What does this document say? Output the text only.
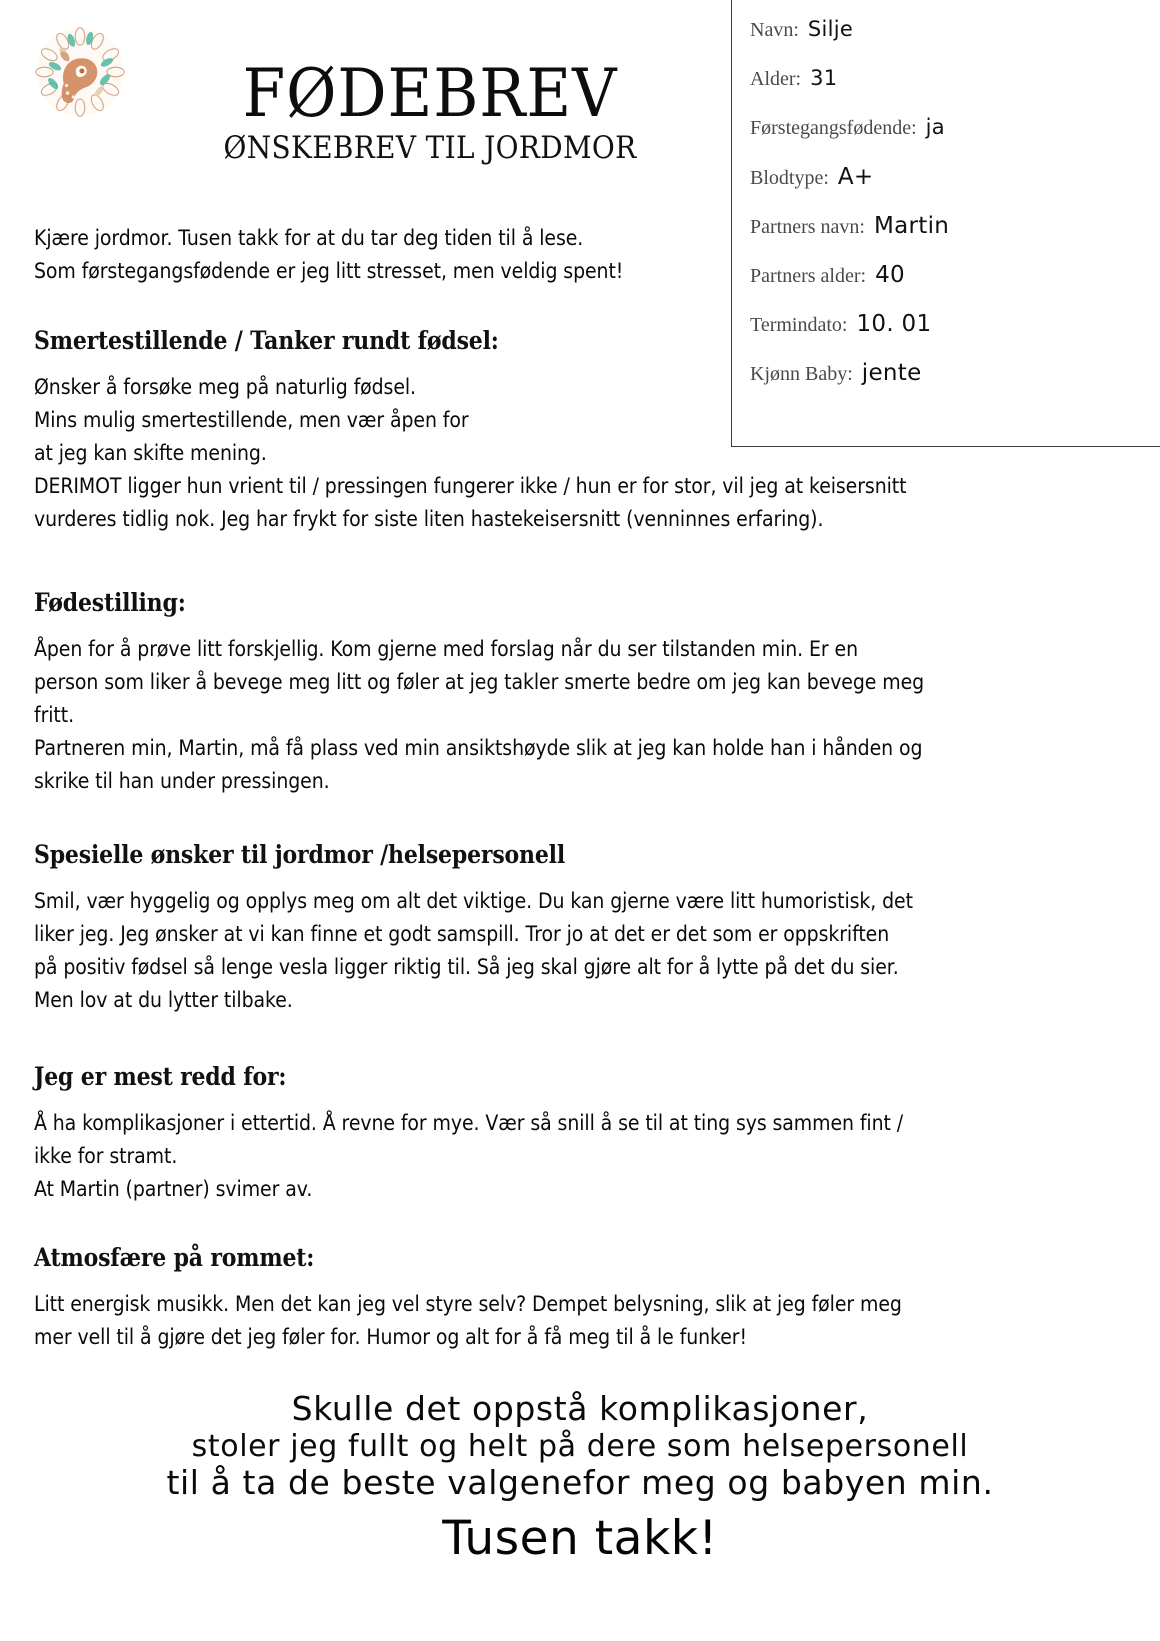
FØDEBREV
ØNSKEBREV TIL JORDMOR
Navn: Silje
Alder: 31
Førstegangsfødende: ja
Blodtype: A+
Partners navn: Martin
Partners alder: 40
Termindato: 10. 01
Kjønn Baby: jente
Kjære jordmor. Tusen takk for at du tar deg tiden til å lese.
Som førstegangsfødende er jeg litt stresset, men veldig spent!
Smertestillende / Tanker rundt fødsel:
Ønsker å forsøke meg på naturlig fødsel.
Mins mulig smertestillende, men vær åpen for
at jeg kan skifte mening.
DERIMOT ligger hun vrient til / pressingen fungerer ikke / hun er for stor, vil jeg at keisersnitt
vurderes tidlig nok. Jeg har frykt for siste liten hastekeisersnitt (venninnes erfaring).
Fødestilling:
Åpen for å prøve litt forskjellig. Kom gjerne med forslag når du ser tilstanden min. Er en
person som liker å bevege meg litt og føler at jeg takler smerte bedre om jeg kan bevege meg
fritt.
Partneren min, Martin, må få plass ved min ansiktshøyde slik at jeg kan holde han i hånden og
skrike til han under pressingen.
Spesielle ønsker til jordmor /helsepersonell
Smil, vær hyggelig og opplys meg om alt det viktige. Du kan gjerne være litt humoristisk, det
liker jeg. Jeg ønsker at vi kan finne et godt samspill. Tror jo at det er det som er oppskriften
på positiv fødsel så lenge vesla ligger riktig til. Så jeg skal gjøre alt for å lytte på det du sier.
Men lov at du lytter tilbake.
Jeg er mest redd for:
Å ha komplikasjoner i ettertid. Å revne for mye. Vær så snill å se til at ting sys sammen fint /
ikke for stramt.
At Martin (partner) svimer av.
Atmosfære på rommet:
Litt energisk musikk. Men det kan jeg vel styre selv? Dempet belysning, slik at jeg føler meg
mer vell til å gjøre det jeg føler for. Humor og alt for å få meg til å le funker!
Skulle det oppstå komplikasjoner,
stoler jeg fullt og helt på dere som helsepersonell
til å ta de beste valgenefor meg og babyen min.
Tusen takk!
